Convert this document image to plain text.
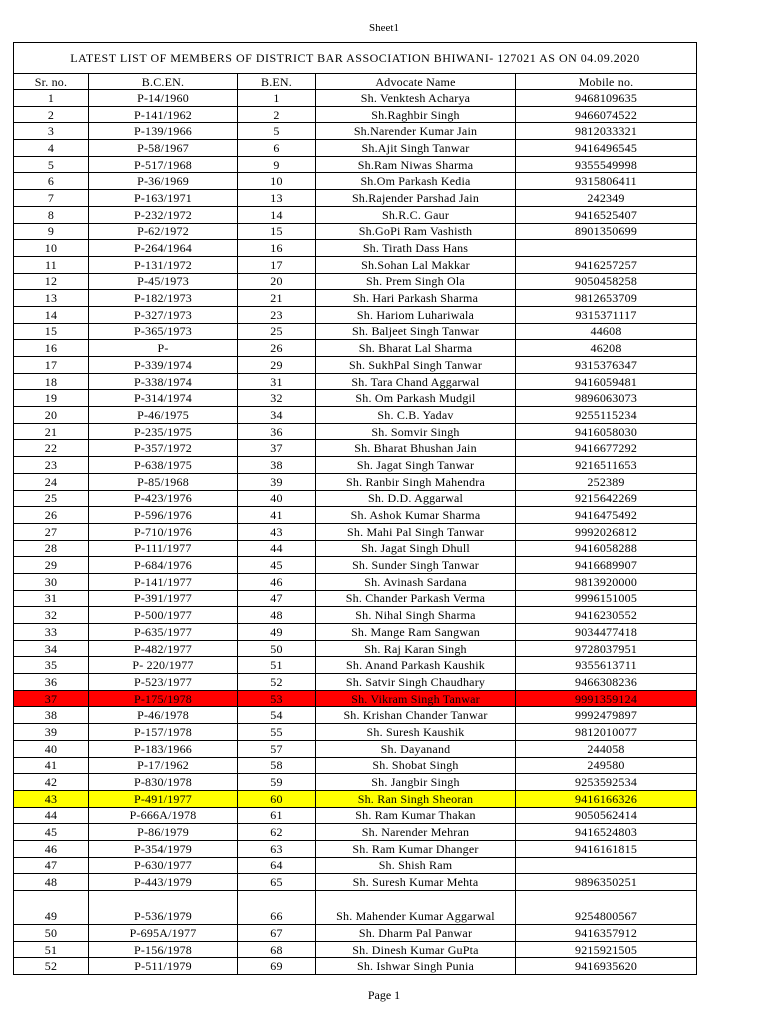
Sheet1
LATEST LIST OF MEMBERS OF DISTRICT BAR ASSOCIATION BHIWANI- 127021 AS ON 04.09.2020				
Sr. no.	B.C.EN.	B.EN.	Advocate Name	Mobile no.
1	P-14/1960	1	Sh. Venktesh Acharya	9468109635
2	P-141/1962	2	Sh.Raghbir Singh	9466074522
3	P-139/1966	5	Sh.Narender Kumar Jain	9812033321
4	P-58/1967	6	Sh.Ajit Singh Tanwar	9416496545
5	P-517/1968	9	Sh.Ram Niwas Sharma	9355549998
6	P-36/1969	10	Sh.Om Parkash Kedia	9315806411
7	P-163/1971	13	Sh.Rajender Parshad Jain	242349
8	P-232/1972	14	Sh.R.C. Gaur	9416525407
9	P-62/1972	15	Sh.GoPi Ram Vashisth	8901350699
10	P-264/1964	16	Sh. Tirath Dass Hans	
11	P-131/1972	17	Sh.Sohan Lal Makkar	9416257257
12	P-45/1973	20	Sh. Prem Singh Ola	9050458258
13	P-182/1973	21	Sh. Hari Parkash Sharma	9812653709
14	P-327/1973	23	Sh. Hariom Luhariwala	9315371117
15	P-365/1973	25	Sh. Baljeet Singh Tanwar	44608
16	P-	26	Sh. Bharat Lal Sharma	46208
17	P-339/1974	29	Sh. SukhPal Singh Tanwar	9315376347
18	P-338/1974	31	Sh. Tara Chand Aggarwal	9416059481
19	P-314/1974	32	Sh. Om Parkash Mudgil	9896063073
20	P-46/1975	34	Sh. C.B. Yadav	9255115234
21	P-235/1975	36	Sh. Somvir Singh	9416058030
22	P-357/1972	37	Sh. Bharat Bhushan Jain	9416677292
23	P-638/1975	38	Sh. Jagat Singh Tanwar	9216511653
24	P-85/1968	39	Sh. Ranbir Singh Mahendra	252389
25	P-423/1976	40	Sh. D.D. Aggarwal	9215642269
26	P-596/1976	41	Sh. Ashok Kumar Sharma	9416475492
27	P-710/1976	43	Sh. Mahi Pal Singh Tanwar	9992026812
28	P-111/1977	44	Sh. Jagat Singh Dhull	9416058288
29	P-684/1976	45	Sh. Sunder Singh Tanwar	9416689907
30	P-141/1977	46	Sh. Avinash Sardana	9813920000
31	P-391/1977	47	Sh. Chander Parkash Verma	9996151005
32	P-500/1977	48	Sh. Nihal Singh Sharma	9416230552
33	P-635/1977	49	Sh. Mange Ram Sangwan	9034477418
34	P-482/1977	50	Sh. Raj Karan Singh	9728037951
35	P- 220/1977	51	Sh. Anand Parkash Kaushik	9355613711
36	P-523/1977	52	Sh. Satvir Singh Chaudhary	9466308236
37	P-175/1978	53	Sh. Vikram Singh Tanwar	9991359124
38	P-46/1978	54	Sh. Krishan Chander Tanwar	9992479897
39	P-157/1978	55	Sh. Suresh Kaushik	9812010077
40	P-183/1966	57	Sh. Dayanand	244058
41	P-17/1962	58	Sh. Shobat Singh	249580
42	P-830/1978	59	Sh. Jangbir Singh	9253592534
43	P-491/1977	60	Sh. Ran Singh Sheoran	9416166326
44	P-666A/1978	61	Sh. Ram Kumar Thakan	9050562414
45	P-86/1979	62	Sh. Narender Mehran	9416524803
46	P-354/1979	63	Sh. Ram Kumar Dhanger	9416161815
47	P-630/1977	64	Sh. Shish Ram	
48	P-443/1979	65	Sh. Suresh Kumar Mehta	9896350251
49	P-536/1979	66	Sh. Mahender Kumar Aggarwal	9254800567
50	P-695A/1977	67	Sh. Dharm Pal Panwar	9416357912
51	P-156/1978	68	Sh. Dinesh Kumar GuPta	9215921505
52	P-511/1979	69	Sh. Ishwar Singh Punia	9416935620
Page 1
